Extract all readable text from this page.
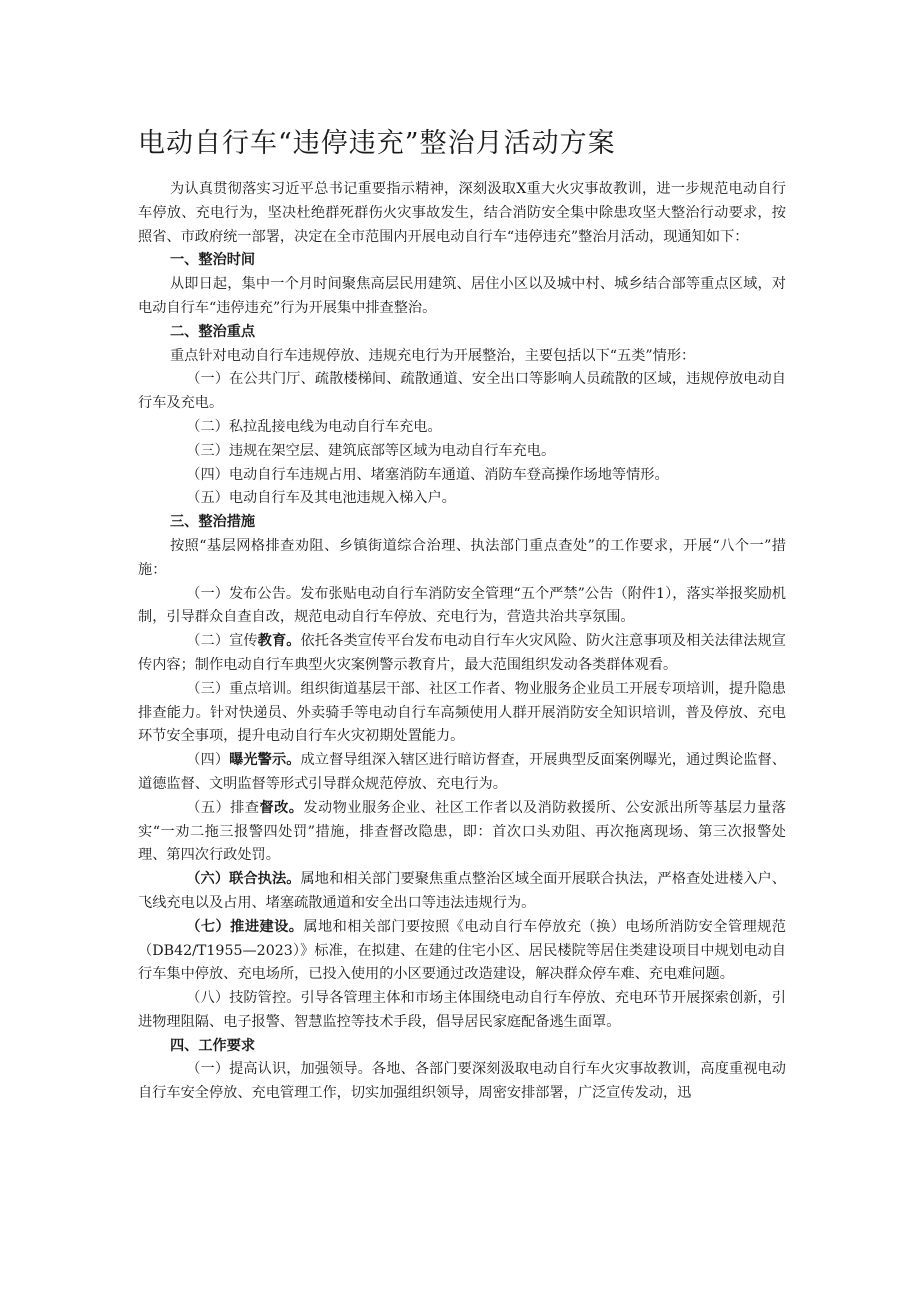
电动自行车“违停违充”整治月活动方案

为认真贯彻落实习近平总书记重要指示精神，深刻汲取X重大火灾事故教训，进一步规范电动自行车停放、充电行为，坚决杜绝群死群伤火灾事故发生，结合消防安全集中除患攻坚大整治行动要求，按照省、市政府统一部署，决定在全市范围内开展电动自行车“违停违充”整治月活动，现通知如下：

一、整治时间

从即日起，集中一个月时间聚焦高层民用建筑、居住小区以及城中村、城乡结合部等重点区域，对电动自行车“违停违充”行为开展集中排查整治。

二、整治重点

重点针对电动自行车违规停放、违规充电行为开展整治，主要包括以下“五类”情形：

（一）在公共门厅、疏散楼梯间、疏散通道、安全出口等影响人员疏散的区域，违规停放电动自行车及充电。

（二）私拉乱接电线为电动自行车充电。

（三）违规在架空层、建筑底部等区域为电动自行车充电。

（四）电动自行车违规占用、堵塞消防车通道、消防车登高操作场地等情形。

（五）电动自行车及其电池违规入梯入户。

三、整治措施

按照“基层网格排查劝阻、乡镇街道综合治理、执法部门重点查处”的工作要求，开展“八个一”措施：

（一）发布公告。发布张贴电动自行车消防安全管理“五个严禁”公告（附件1），落实举报奖励机制，引导群众自查自改，规范电动自行车停放、充电行为，营造共治共享氛围。

（二）宣传教育。依托各类宣传平台发布电动自行车火灾风险、防火注意事项及相关法律法规宣传内容；制作电动自行车典型火灾案例警示教育片，最大范围组织发动各类群体观看。

（三）重点培训。组织街道基层干部、社区工作者、物业服务企业员工开展专项培训，提升隐患排查能力。针对快递员、外卖骑手等电动自行车高频使用人群开展消防安全知识培训，普及停放、充电环节安全事项，提升电动自行车火灾初期处置能力。

（四）曝光警示。成立督导组深入辖区进行暗访督查，开展典型反面案例曝光，通过舆论监督、道德监督、文明监督等形式引导群众规范停放、充电行为。

（五）排查督改。发动物业服务企业、社区工作者以及消防救援所、公安派出所等基层力量落实“一劝二拖三报警四处罚”措施，排查督改隐患，即：首次口头劝阻、再次拖离现场、第三次报警处理、第四次行政处罚。

（六）联合执法。属地和相关部门要聚焦重点整治区域全面开展联合执法，严格查处进楼入户、飞线充电以及占用、堵塞疏散通道和安全出口等违法违规行为。

（七）推进建设。属地和相关部门要按照《电动自行车停放充（换）电场所消防安全管理规范（DB42/T1955—2023）》标准，在拟建、在建的住宅小区、居民楼院等居住类建设项目中规划电动自行车集中停放、充电场所，已投入使用的小区要通过改造建设，解决群众停车难、充电难问题。

（八）技防管控。引导各管理主体和市场主体围绕电动自行车停放、充电环节开展探索创新，引进物理阻隔、电子报警、智慧监控等技术手段，倡导居民家庭配备逃生面罩。

四、工作要求

（一）提高认识，加强领导。各地、各部门要深刻汲取电动自行车火灾事故教训，高度重视电动自行车安全停放、充电管理工作，切实加强组织领导，周密安排部署，广泛宣传发动，迅
